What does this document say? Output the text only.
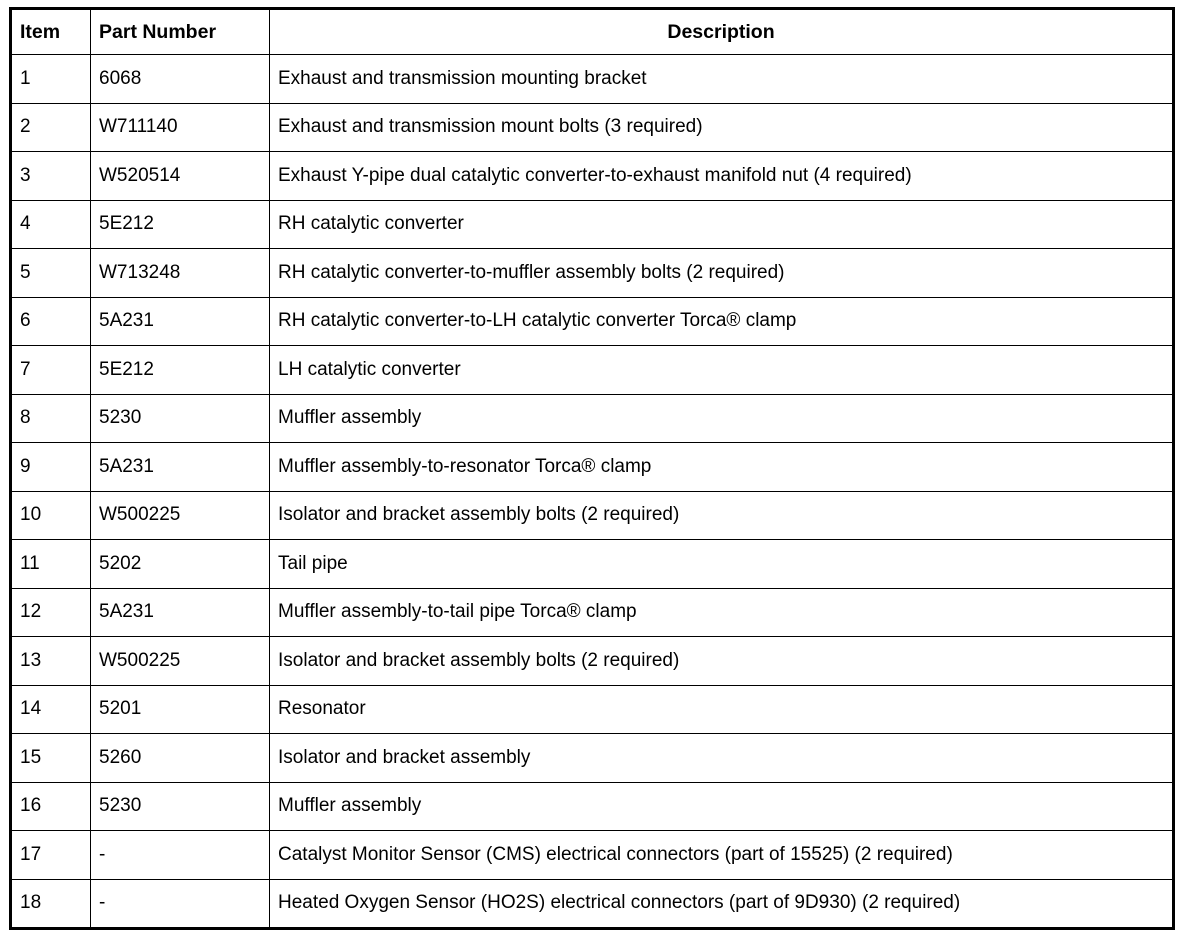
Item	Part Number	Description
1	6068	Exhaust and transmission mounting bracket
2	W711140	Exhaust and transmission mount bolts (3 required)
3	W520514	Exhaust Y-pipe dual catalytic converter-to-exhaust manifold nut (4 required)
4	5E212	RH catalytic converter
5	W713248	RH catalytic converter-to-muffler assembly bolts (2 required)
6	5A231	RH catalytic converter-to-LH catalytic converter Torca® clamp
7	5E212	LH catalytic converter
8	5230	Muffler assembly
9	5A231	Muffler assembly-to-resonator Torca® clamp
10	W500225	Isolator and bracket assembly bolts (2 required)
11	5202	Tail pipe
12	5A231	Muffler assembly-to-tail pipe Torca® clamp
13	W500225	Isolator and bracket assembly bolts (2 required)
14	5201	Resonator
15	5260	Isolator and bracket assembly
16	5230	Muffler assembly
17	-	Catalyst Monitor Sensor (CMS) electrical connectors (part of 15525) (2 required)
18	-	Heated Oxygen Sensor (HO2S) electrical connectors (part of 9D930) (2 required)
